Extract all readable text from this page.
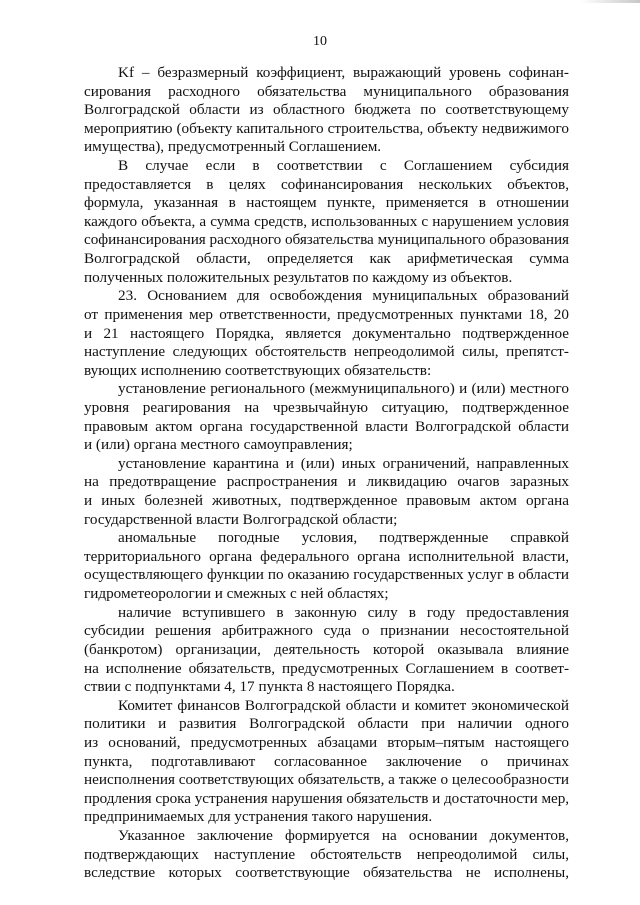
10
Kf – безразмерный коэффициент, выражающий уровень софинан-
сирования расходного обязательства муниципального образования
Волгоградской области из областного бюджета по соответствующему
мероприятию (объекту капитального строительства, объекту недвижимого
имущества), предусмотренный Соглашением.
В случае если в соответствии с Соглашением субсидия
предоставляется в целях софинансирования нескольких объектов,
формула, указанная в настоящем пункте, применяется в отношении
каждого объекта, а сумма средств, использованных с нарушением условия
софинансирования расходного обязательства муниципального образования
Волгоградской области, определяется как арифметическая сумма
полученных положительных результатов по каждому из объектов.
23. Основанием для освобождения муниципальных образований
от применения мер ответственности, предусмотренных пунктами 18, 20
и 21 настоящего Порядка, является документально подтвержденное
наступление следующих обстоятельств непреодолимой силы, препятст-
вующих исполнению соответствующих обязательств:
установление регионального (межмуниципального) и (или) местного
уровня реагирования на чрезвычайную ситуацию, подтвержденное
правовым актом органа государственной власти Волгоградской области
и (или) органа местного самоуправления;
установление карантина и (или) иных ограничений, направленных
на предотвращение распространения и ликвидацию очагов заразных
и иных болезней животных, подтвержденное правовым актом органа
государственной власти Волгоградской области;
аномальные погодные условия, подтвержденные справкой
территориального органа федерального органа исполнительной власти,
осуществляющего функции по оказанию государственных услуг в области
гидрометеорологии и смежных с ней областях;
наличие вступившего в законную силу в году предоставления
субсидии решения арбитражного суда о признании несостоятельной
(банкротом) организации, деятельность которой оказывала влияние
на исполнение обязательств, предусмотренных Соглашением в соответ-
ствии с подпунктами 4, 17 пункта 8 настоящего Порядка.
Комитет финансов Волгоградской области и комитет экономической
политики и развития Волгоградской области при наличии одного
из оснований, предусмотренных абзацами вторым–пятым настоящего
пункта, подготавливают согласованное заключение о причинах
неисполнения соответствующих обязательств, а также о целесообразности
продления срока устранения нарушения обязательств и достаточности мер,
предпринимаемых для устранения такого нарушения.
Указанное заключение формируется на основании документов,
подтверждающих наступление обстоятельств непреодолимой силы,
вследствие которых соответствующие обязательства не исполнены,
